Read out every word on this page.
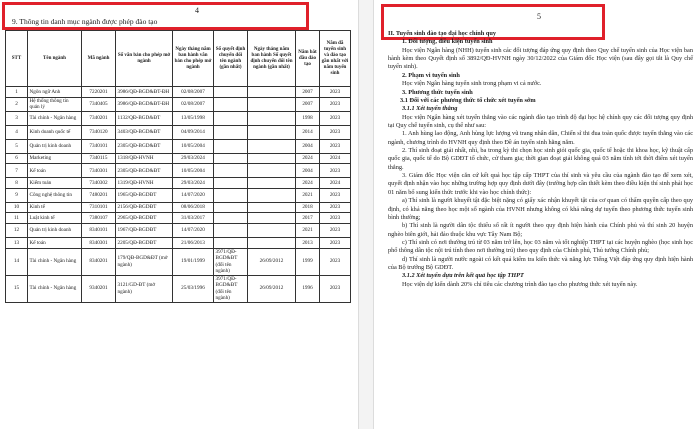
4
9. Thông tin danh mục ngành được phép đào tạo
STT	Tên ngành	Mã ngành	Số văn bản cho phép mở ngành	Ngày tháng năm ban hành văn bản cho phép mở ngành	Số quyết định chuyển đổi tên ngành (gần nhất)	Ngày tháng năm ban hành Số quyết định chuyển đổi tên ngành (gần nhất)	Năm bắt đầu đào tạo	Năm đã tuyển sinh và đào tạo gần nhất với năm tuyển sinh
1	Ngôn ngữ Anh	7220201	3986/QĐ-BGD&ĐT-ĐH	02/08/2007			2007	2023
2	Hệ thống thông tin quản lý	7340405	3986/QĐ-BGD&ĐT-ĐH	02/08/2007			2007	2023
3	Tài chính - Ngân hàng	7340201	1132/QĐ-BGD&ĐT	13/05/1998			1998	2023
4	Kinh doanh quốc tế	7340120	3403/QĐ-BGD&ĐT	04/09/2014			2014	2023
5	Quản trị kinh doanh	7340101	2305/QĐ-BGD&ĐT	10/05/2004			2004	2023
6	Marketing	7340115	1318/QĐ-HVNH	29/03/2024			2024	2024
7	Kế toán	7340301	2305/QĐ-BGD&ĐT	10/05/2004			2004	2023
8	Kiểm toán	7340302	1319/QĐ-HVNH	29/03/2024			2024	2024
9	Công nghệ thông tin	7480201	1965/QĐ-BGDĐT	14/07/2020			2021	2023
10	Kinh tế	7310101	2156/QĐ-BGDĐT	08/06/2018			2018	2023
11	Luật kinh tế	7380107	2965/QĐ-BGDĐT	31/03/2017			2017	2023
12	Quản trị kinh doanh	8340101	1967/QĐ-BGDĐT	14/07/2020			2021	2023
13	Kế toán	8340301	2205/QĐ-BGDĐT	21/06/2013			2013	2023
14	Tài chính - Ngân hàng	8340201	179/QĐ-BGD&ĐT (mở ngành)	19/01/1999	3971/QĐ-BGD&ĐT (đổi tên ngành)	26/09/2012	1999	2023
15	Tài chính - Ngân hàng	9340201	3121/GD-ĐT (mở ngành)	25/03/1996	3971/QĐ-BGD&ĐT (đổi tên ngành)	26/09/2012	1996	2023
5

II. Tuyển sinh đào tạo đại học chính quy

1. Đối tượng, điều kiện tuyển sinh

Học viện Ngân hàng (NHH) tuyển sinh các đối tượng đáp ứng quy định theo Quy chế tuyển sinh của Học viện ban hành kèm theo Quyết định số 3892/QĐ-HVNH ngày 30/12/2022 của Giám đốc Học viện (sau đây gọi tắt là Quy chế tuyển sinh).

2. Phạm vi tuyển sinh

Học viện Ngân hàng tuyển sinh trong phạm vi cả nước.

3. Phương thức tuyển sinh

3.1 Đối với các phương thức tổ chức xét tuyển sớm

3.1.1 Xét tuyển thẳng

Học viện Ngân hàng xét tuyển thẳng vào các ngành đào tạo trình độ đại học hệ chính quy các đối tượng quy định tại Quy chế tuyển sinh, cụ thể như sau:

1. Anh hùng lao động, Anh hùng lực lượng vũ trang nhân dân, Chiến sĩ thi đua toàn quốc được tuyển thẳng vào các ngành, chương trình do HVNH quy định theo Đề án tuyển sinh hằng năm.

2. Thí sinh đoạt giải nhất, nhì, ba trong kỳ thi chọn học sinh giỏi quốc gia, quốc tế hoặc thi khoa học, kỹ thuật cấp quốc gia, quốc tế do Bộ GDĐT tổ chức, cử tham gia; thời gian đoạt giải không quá 03 năm tính tới thời điểm xét tuyển thẳng.

3. Giám đốc Học viện căn cứ kết quả học tập cấp THPT của thí sinh và yêu cầu của ngành đào tạo để xem xét, quyết định nhận vào học những trường hợp quy định dưới đây (trường hợp cần thiết kèm theo điều kiện thí sinh phải học 01 năm bổ sung kiến thức trước khi vào học chính thức):

a) Thí sinh là người khuyết tật đặc biệt nặng có giấy xác nhận khuyết tật của cơ quan có thẩm quyền cấp theo quy định, có khả năng theo học một số ngành của HVNH nhưng không có khả năng dự tuyển theo phương thức tuyển sinh bình thường;

b) Thí sinh là người dân tộc thiểu số rất ít người theo quy định hiện hành của Chính phủ và thí sinh 20 huyện nghèo biên giới, hải đảo thuộc khu vực Tây Nam Bộ;

c) Thí sinh có nơi thường trú từ 03 năm trở lên, học 03 năm và tốt nghiệp THPT tại các huyện nghèo (học sinh học phổ thông dân tộc nội trú tính theo nơi thường trú) theo quy định của Chính phủ, Thủ tướng Chính phủ;

d) Thí sinh là người nước ngoài có kết quả kiểm tra kiến thức và năng lực Tiếng Việt đáp ứng quy định hiện hành của Bộ trưởng Bộ GDĐT.

3.1.2 Xét tuyển dựa trên kết quả học tập THPT

Học viện dự kiến dành 20% chỉ tiêu các chương trình đào tạo cho phương thức xét tuyển này.
